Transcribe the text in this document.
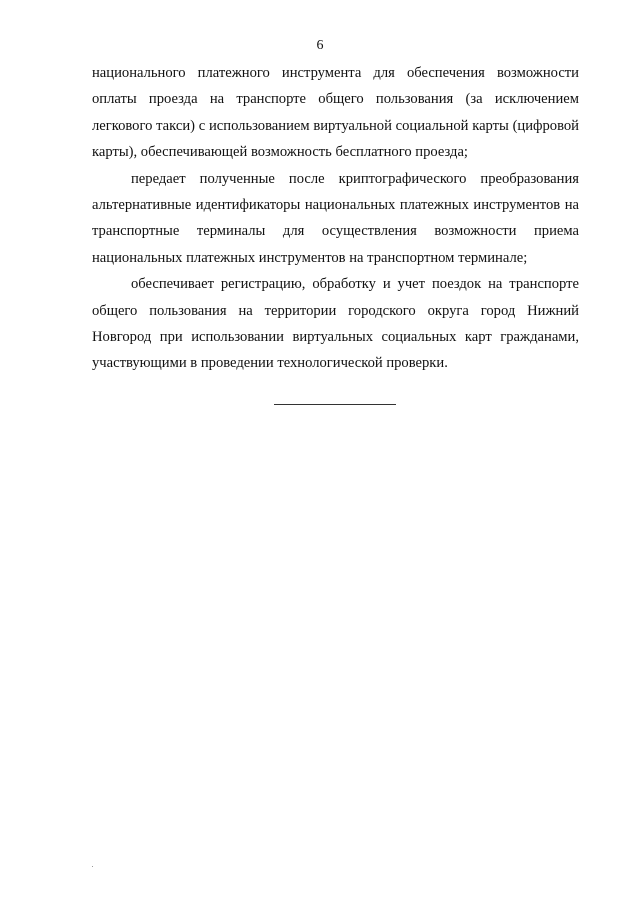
6

национального платежного инструмента для обеспечения возможности оплаты проезда на транспорте общего пользования (за исключением легкового такси) с использованием виртуальной социальной карты (цифровой карты), обеспечивающей возможность бесплатного проезда;

передает полученные после криптографического преобразования альтернативные идентификаторы национальных платежных инструментов на транспортные терминалы для осуществления возможности приема национальных платежных инструментов на транспортном терминале;

обеспечивает регистрацию, обработку и учет поездок на транспорте общего пользования на территории городского округа город Нижний Новгород при использовании виртуальных социальных карт гражданами, участвующими в проведении технологической проверки.
